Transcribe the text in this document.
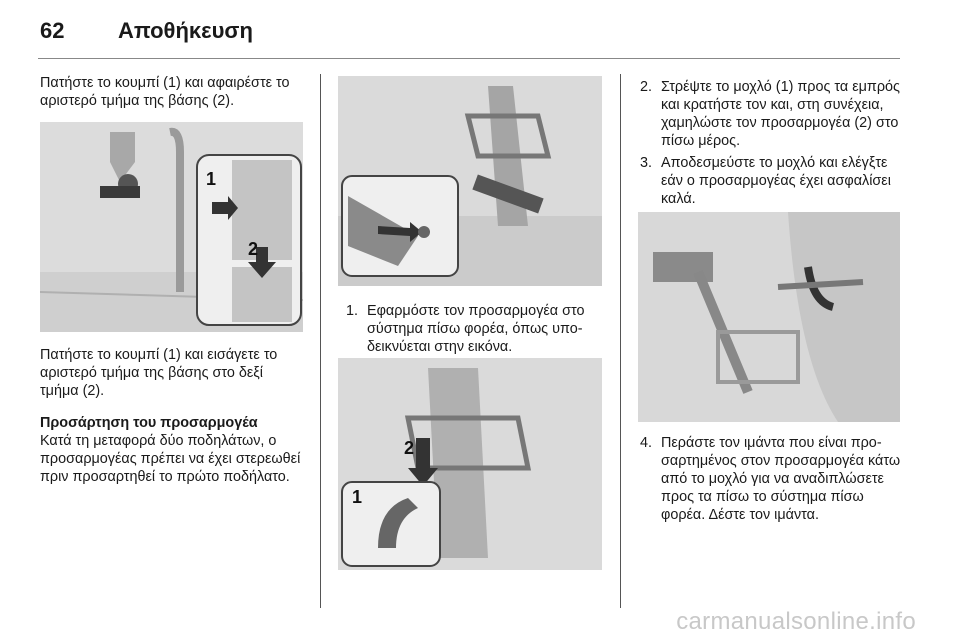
62 Αποθήκευση

Πατήστε το κουμπί (1) και αφαιρέστε το αριστερό τμήμα της βάσης (2).

1
2

Πατήστε το κουμπί (1) και εισάγετε το αριστερό τμήμα της βάσης στο δεξί τμήμα (2).

Προσάρτηση του προσαρμογέα

Κατά τη μεταφορά δύο ποδηλάτων, ο προσαρμογέας πρέπει να έχει στερεωθεί πριν προσαρτηθεί το πρώτο ποδήλατο.

1. Εφαρμόστε τον προσαρμογέα στο σύστημα πίσω φορέα, όπως υποδεικνύεται στην εικόνα.
2
1
2. Στρέψτε το μοχλό (1) προς τα εμπρός και κρατήστε τον και, στη συνέχεια, χαμηλώστε τον προσαρμογέα (2) στο πίσω μέρος.
3. Αποδεσμεύστε το μοχλό και ελέγξτε εάν ο προσαρμογέας έχει ασφαλίσει καλά.
4. Περάστε τον ιμάντα που είναι προσαρτημένος στον προσαρμογέα κάτω από το μοχλό για να αναδιπλώσετε προς τα πίσω το σύστημα πίσω φορέα. Δέστε τον ιμάντα.
carmanualsonline.info
